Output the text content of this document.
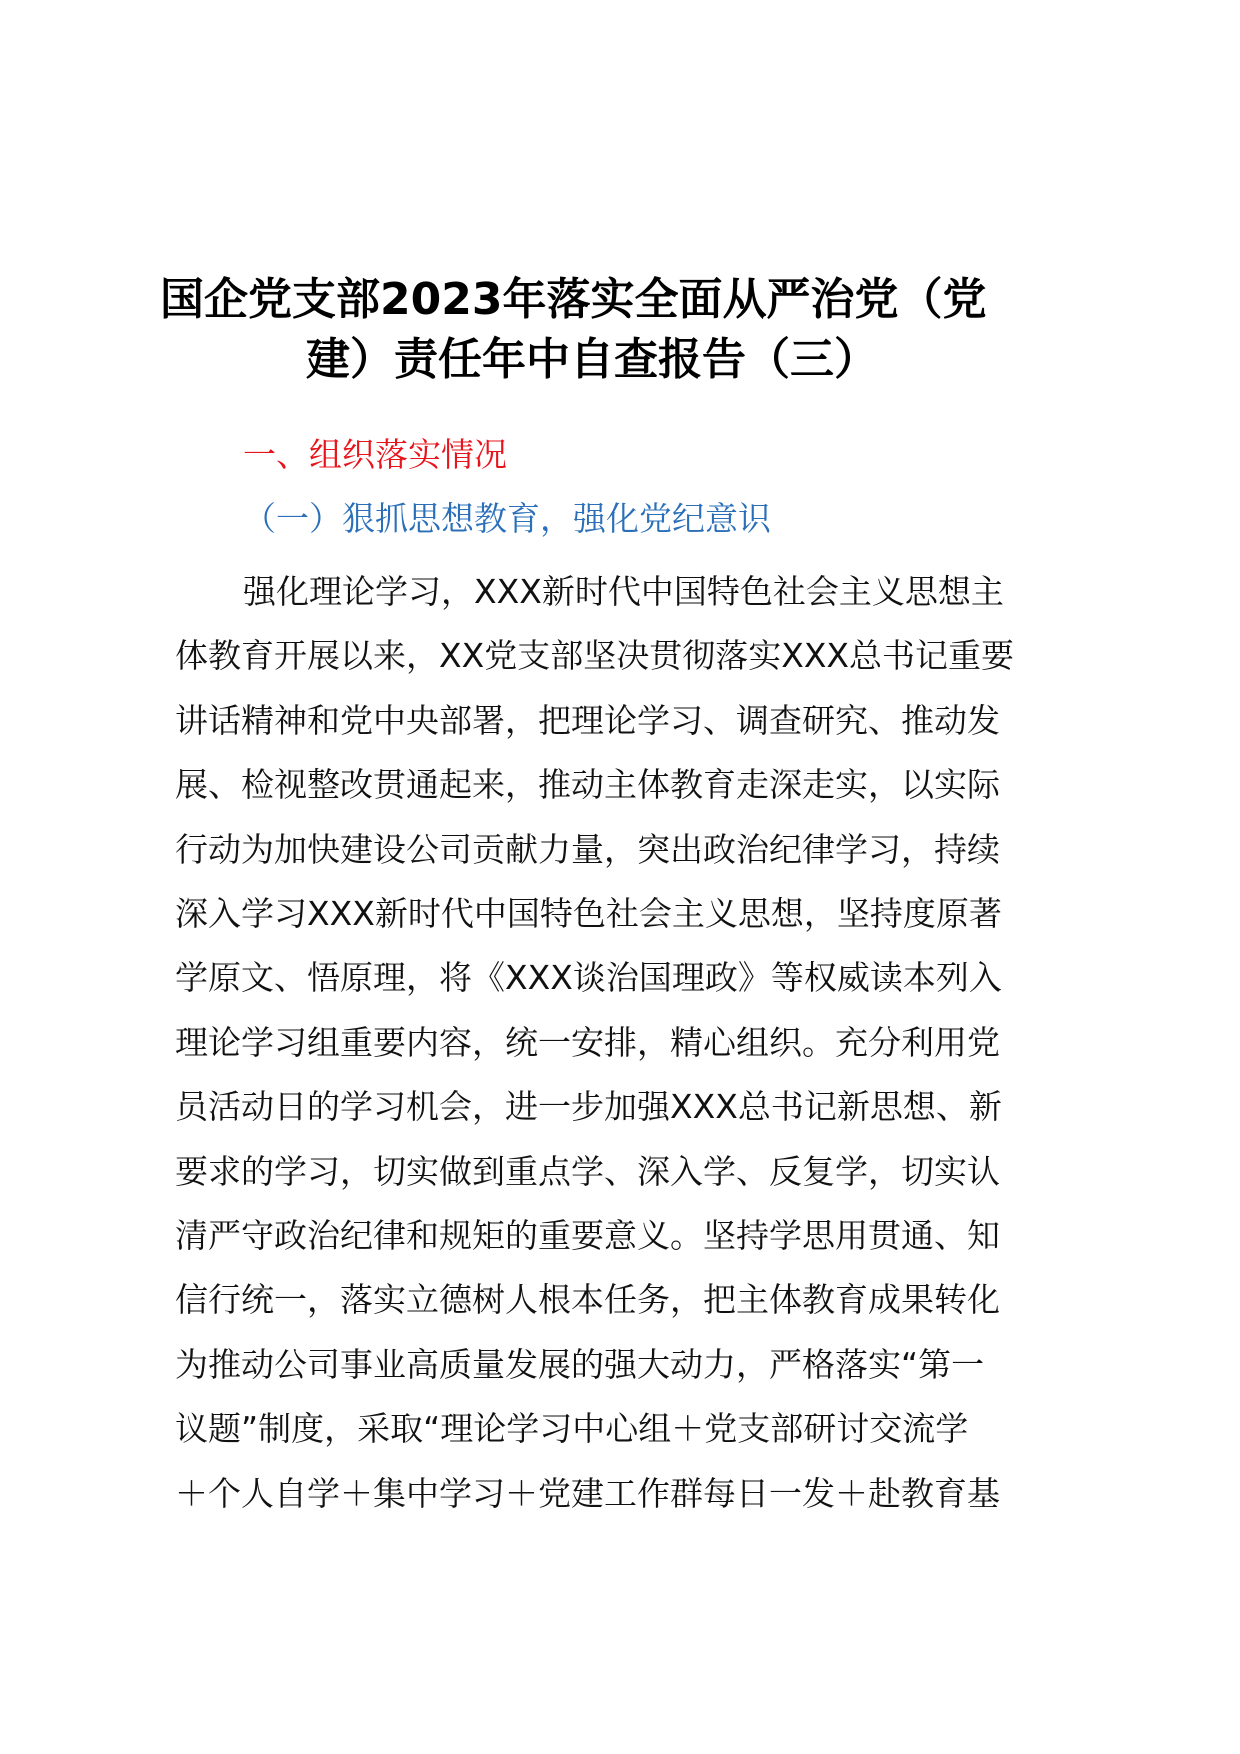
国企党支部2023年落实全面从严治党（党
建）责任年中自查报告（三）
一、组织落实情况
（一）狠抓思想教育，强化党纪意识
强化理论学习，XXX新时代中国特色社会主义思想主
体教育开展以来，XX党支部坚决贯彻落实XXX总书记重要
讲话精神和党中央部署，把理论学习、调查研究、推动发
展、检视整改贯通起来，推动主体教育走深走实，以实际
行动为加快建设公司贡献力量，突出政治纪律学习，持续
深入学习XXX新时代中国特色社会主义思想，坚持度原著
学原文、悟原理，将《XXX谈治国理政》等权威读本列入
理论学习组重要内容，统一安排，精心组织。充分利用党
员活动日的学习机会，进一步加强XXX总书记新思想、新
要求的学习，切实做到重点学、深入学、反复学，切实认
清严守政治纪律和规矩的重要意义。坚持学思用贯通、知
信行统一，落实立德树人根本任务，把主体教育成果转化
为推动公司事业高质量发展的强大动力，严格落实“第一
议题”制度，采取“理论学习中心组＋党支部研讨交流学
＋个人自学＋集中学习＋党建工作群每日一发＋赴教育基
